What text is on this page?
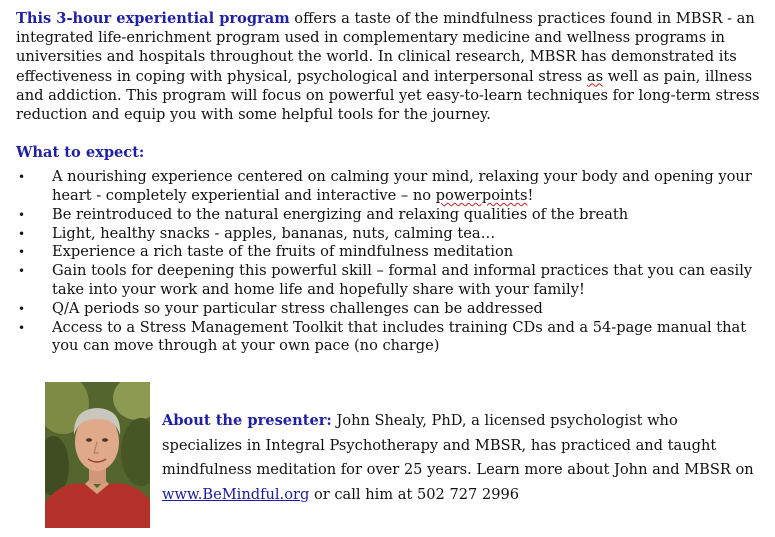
This 3-hour experiential program offers a taste of the mindfulness practices found in MBSR - an integrated life-enrichment program used in complementary medicine and wellness programs in universities and hospitals throughout the world. In clinical research, MBSR has demonstrated its effectiveness in coping with physical, psychological and interpersonal stress as well as pain, illness and addiction. This program will focus on powerful yet easy-to-learn techniques for long-term stress reduction and equip you with some helpful tools for the journey.

What to expect:
• A nourishing experience centered on calming your mind, relaxing your body and opening your heart - completely experiential and interactive – no powerpoints!
• Be reintroduced to the natural energizing and relaxing qualities of the breath
• Light, healthy snacks - apples, bananas, nuts, calming tea…
• Experience a rich taste of the fruits of mindfulness meditation
• Gain tools for deepening this powerful skill – formal and informal practices that you can easily take into your work and home life and hopefully share with your family!
• Q/A periods so your particular stress challenges can be addressed
• Access to a Stress Management Toolkit that includes training CDs and a 54-page manual that you can move through at your own pace (no charge)
About the presenter: John Shealy, PhD, a licensed psychologist who specializes in Integral Psychotherapy and MBSR, has practiced and taught mindfulness meditation for over 25 years. Learn more about John and MBSR on www.BeMindful.org or call him at 502 727 2996
